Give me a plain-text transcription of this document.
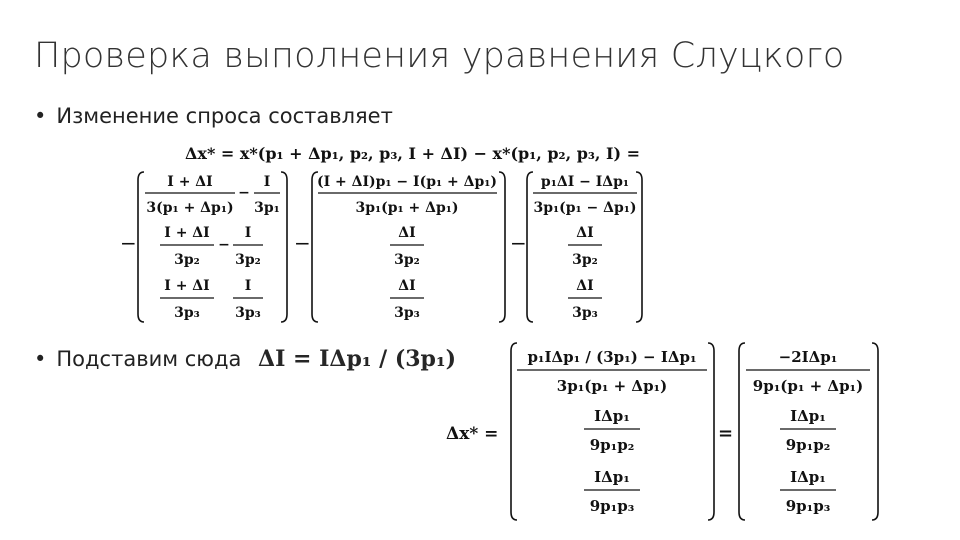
Проверка выполнения уравнения Слуцкого
• Изменение спроса составляет
• Подставим сюда ΔI = IΔp₁ / (3p₁)
Δx* = x*(p₁ + Δp₁, p₂, p₃, I + ΔI) − x*(p₁, p₂, p₃, I) =
−
I + ΔI
3(p₁ + Δp₁)
−
I
3p₁
I + ΔI
3p₂
−
I
3p₂
I + ΔI
3p₃
I
3p₃
−
(I + ΔI)p₁ − I(p₁ + Δp₁)
3p₁(p₁ + Δp₁)
ΔI
3p₂
ΔI
3p₃
−
p₁ΔI − IΔp₁
3p₁(p₁ − Δp₁)
ΔI
3p₂
ΔI
3p₃
Δx* =
p₁IΔp₁ / (3p₁) − IΔp₁
3p₁(p₁ + Δp₁)
IΔp₁
9p₁p₂
IΔp₁
9p₁p₃
=
−2IΔp₁
9p₁(p₁ + Δp₁)
IΔp₁
9p₁p₂
IΔp₁
9p₁p₃
